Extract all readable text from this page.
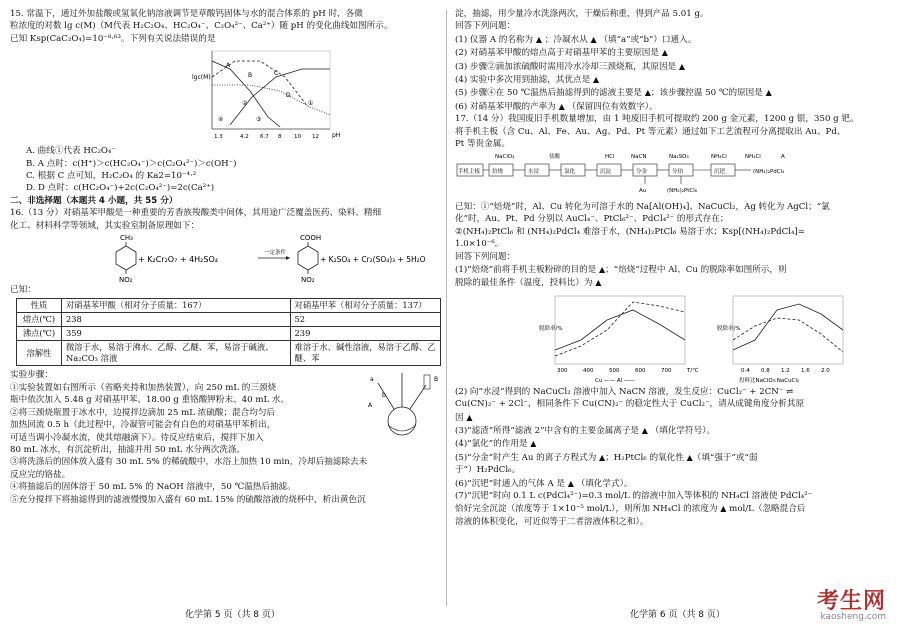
15. 常温下，通过外加盐酸或氢氧化钠溶液调节是草酸钙固体与水的混合体系的 pH 时，各微

粒浓度的对数 lg c(M)（M代表 H₂C₂O₄、HC₂O₄⁻、C₂O₄²⁻、Ca²⁺）随 pH 的变化曲线如图所示。

已知 Ksp(CaC₂O₄)=10⁻⁸·⁶³。下列有关说法错误的是

lgc(M)
pH
A
B	C
D
①
②
③
④
1.3	4.2 6.7 8 10 12

A. 曲线①代表 HC₂O₄⁻

B. A 点时：c(H⁺)＞c(HC₂O₄⁻)＞c(C₂O₄²⁻)＞c(OH⁻)

C. 根据 C 点可知，H₂C₂O₄ 的 Ka2=10⁻⁴·²

D. D 点时：c(HC₂O₄⁻)+2c(C₂O₄²⁻)=2c(Ca²⁺)

二、非选择题（本题共 4 小题，共 55 分）

16.（13 分）对硝基苯甲酸是一种重要的芳香族羧酸类中间体，其用途广泛覆盖医药、染料、精细

化工、材料科学等领域，其实验室制备原理如下：

CH₃
NO₂
+ K₂Cr₂O₇ + 4H₂SO₄
一定条件
COOH
NO₂
+ K₂SO₄ + Cr₂(SO₄)₃ + 5H₂O

已知：

性质	对硝基苯甲酸（相对分子质量：167）	对硝基甲苯（相对分子质量：137）
熔点(℃)	238	52
沸点(℃)	359	239
溶解性	微溶于水，易溶于沸水、乙醇、乙醚、苯，易溶于碱液、Na₂CO₃ 溶液	难溶于水、碱性溶液，易溶于乙醇、乙醚、苯
A
a
b
B

实验步骤：

①实验装置如右图所示（省略夹持和加热装置），向 250 mL 的三颈烧

瓶中依次加入 5.48 g 对硝基甲苯、18.00 g 重铬酸钾粉末、40 mL 水。

②将三颈烧瓶置于冰水中，边搅拌边滴加 25 mL 浓硫酸；混合均匀后

加热回流 0.5 h（此过程中，冷凝管可能会有白色的对硝基甲苯析出，

可适当调小冷凝水流，使其熔融滴下）。待反应结束后，搅拌下加入

80 mL 冰水，有沉淀析出，抽滤并用 50 mL 水分两次洗涤。

③将洗涤后的固体放入盛有 30 mL 5% 的稀硫酸中，水浴上加热 10 min，冷却后抽滤除去未

反应完的铬盐。

④将抽滤后的固体溶于 50 mL 5% 的 NaOH 溶液中，50 ℃温热后抽滤。

⑤充分搅拌下将抽滤得到的滤液慢慢加入盛有 60 mL 15% 的硫酸溶液的烧杯中，析出黄色沉

化学第 5 页（共 8 页）

淀，抽滤，用少量冷水洗涤两次，干燥后称重，得到产品 5.01 g。

回答下列问题：

(1) 仪器 A 的名称为 ▲ ；冷凝水从 ▲ （填“a”或“b”）口通入。

(2) 对硝基苯甲酸的熔点高于对硝基甲苯的主要原因是 ▲

(3) 步骤②滴加浓硫酸时需用冷水冷却三颈烧瓶，其原因是 ▲

(4) 实验中多次用到抽滤，其优点是 ▲

(5) 步骤④在 50 ℃温热后抽滤得到的滤液主要是 ▲；该步骤控温 50 ℃的原因是 ▲

(6) 对硝基苯甲酸的产率为 ▲ （保留四位有效数字）。

17.（14 分）我国废旧手机数量增加，由 1 吨废旧手机可提取约 200 g 金元素，1200 g 银，350 g 钯。

将手机主板（含 Cu、Al、Fe、Au、Ag、Pd、Pt 等元素）通过如下工艺流程可分离提取出 Au、Pd、

Pt 等贵金属。

NaClO₃	盐酸	HCl	NaCN	Na₂SO₃	NH₄Cl	NH₄Cl	A
手机主板 焙烧	水浸	氯化	沉淀	分金	分铂	沉钯	(NH₄)₂PdCl₄
Au	(NH₄)₂PtCl₆

已知：①“焙烧”时，Al、Cu 转化为可溶于水的 Na[Al(OH)₄]、NaCuCl₂，Ag 转化为 AgCl；“氯

化”时，Au、Pt、Pd 分别以 AuCl₄⁻、PtCl₆²⁻、PdCl₄²⁻ 的形式存在；

②(NH₄)₂PtCl₆ 和 (NH₄)₂PdCl₄ 难溶于水，(NH₄)₂PtCl₆ 易溶于水；Ksp[(NH₄)₂PdCl₄]=

1.0×10⁻⁶。

回答下列问题：

(1)“焙烧”前将手机主板粉碎的目的是 ▲；“焙烧”过程中 Al、Cu 的脱除率如图所示，则

脱除的最佳条件（温度，投料比）为 ▲

脱除率/%
T/℃
300	400	500	600	700
Cu —— Al ——
脱除率/%
投料比NaClO₃:NaCuCl₂
0.4 0.8 1.2 1.6 2.0

(2) 向“水浸”得到的 NaCuCl₂ 溶液中加入 NaCN 溶液，发生反应：CuCl₂⁻ + 2CN⁻ ⇌

Cu(CN)₂⁻ + 2Cl⁻，相同条件下 Cu(CN)₂⁻ 的稳定性大于 CuCl₂⁻，请从成键角度分析其原

因 ▲

(3)“滤渣”所得“滤液 2”中含有的主要金属离子是 ▲ （填化学符号）。

(4)“氯化”的作用是 ▲

(5)“分金”时产生 Au 的离子方程式为 ▲；H₂PtCl₆ 的氧化性 ▲（填“强于”或“弱

于”）H₂PdCl₆。

(6)“沉钯”时通入的气体 A 是 ▲ （填化学式）。

(7)“沉钯”时向 0.1 L c(PdCl₄²⁻)=0.3 mol/L 的溶液中加入等体积的 NH₄Cl 溶液使 PdCl₄²⁻

恰好完全沉淀（浓度等于 1×10⁻⁵ mol/L），则所加 NH₄Cl 的浓度为 ▲ mol/L（忽略混合后

溶液的体积变化，可近似等于二者溶液体积之和）。

化学第 6 页（共 8 页）
考生网
kaosheng.com
